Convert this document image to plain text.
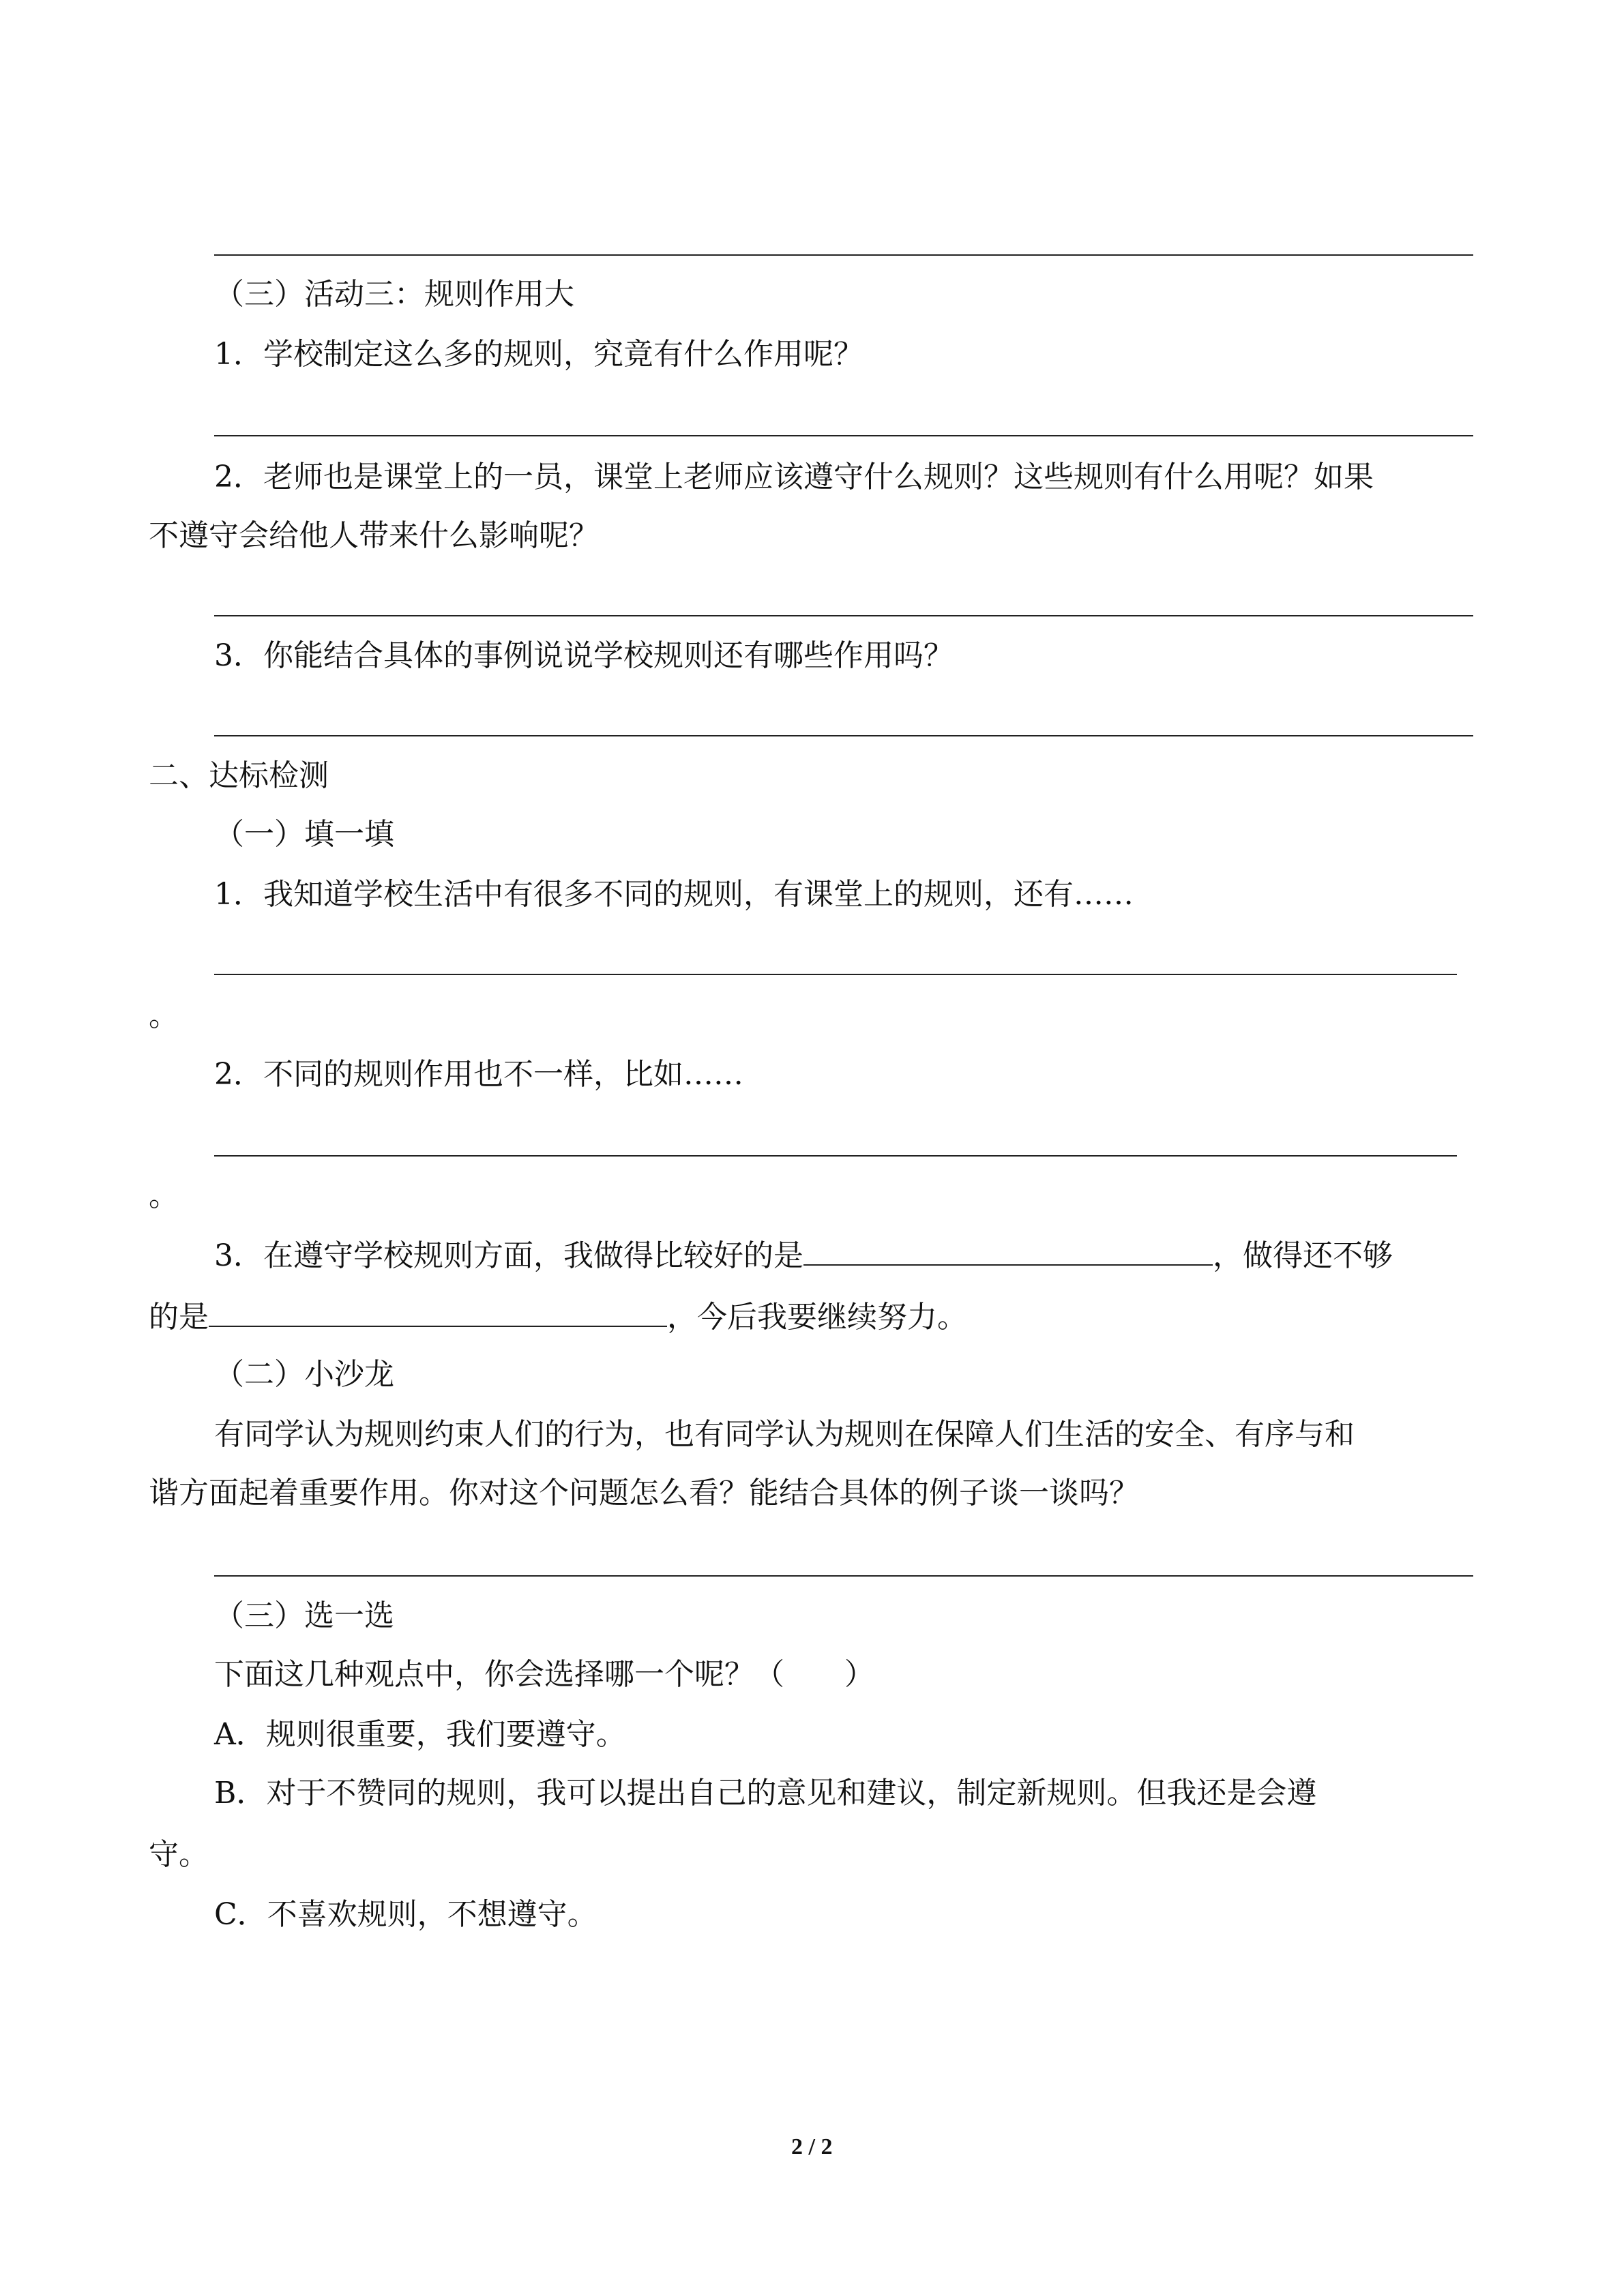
（三）活动三：规则作用大
1．学校制定这么多的规则，究竟有什么作用呢？
2．老师也是课堂上的一员，课堂上老师应该遵守什么规则？这些规则有什么用呢？如果
不遵守会给他人带来什么影响呢？
3．你能结合具体的事例说说学校规则还有哪些作用吗？
二、达标检测
（一）填一填
1．我知道学校生活中有很多不同的规则，有课堂上的规则，还有……
。
2．不同的规则作用也不一样，比如……
。
3．在遵守学校规则方面，我做得比较好的是	，做得还不够
的是	，今后我要继续努力。
（二）小沙龙
有同学认为规则约束人们的行为，也有同学认为规则在保障人们生活的安全、有序与和
谐方面起着重要作用。你对这个问题怎么看？能结合具体的例子谈一谈吗？
（三）选一选
下面这几种观点中，你会选择哪一个呢？（　　）
A．规则很重要，我们要遵守。
B．对于不赞同的规则，我可以提出自己的意见和建议，制定新规则。但我还是会遵
守。
C．不喜欢规则，不想遵守。
2 / 2
